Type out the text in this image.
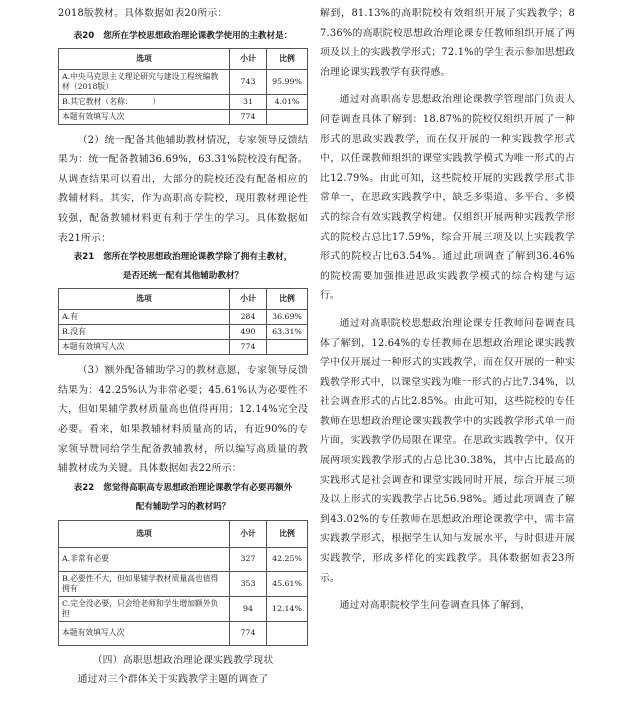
2018版教材。具体数据如表20所示：

表20 您所在学校思想政治理论课教学使用的主教材是：

选项	小计	比例
A.中央马克思主义理论研究与建设工程统编教材（2018版）	743	95.99%
B.其它教材（名称：        ）	31	4.01%
本题有效填写人次	774	

（2）统一配备其他辅助教材情况，专家领导反馈结果为：统一配备教辅36.69%，63.31%院校没有配备。从调查结果可以看出，大部分的院校还没有配备相应的教辅材料。其实，作为高职高专院校，现用教材理论性较强，配备教辅材料更有利于学生的学习。具体数据如表21所示：

表21 您所在学校思想政治理论课教学除了拥有主教材，

是否还统一配有其他辅助教材？

选项	小计	比例
A.有	284	36.69%
B.没有	490	63.31%
本题有效填写人次	774	

（3）额外配备辅助学习的教材意愿，专家领导反馈结果为：42.25%认为非常必要；45.61%认为必要性不大，但如果辅学教材质量高也值得再用；12.14%完全没必要。看来，如果教辅材料质量高的话，有近90%的专家领导赞同给学生配备教辅教材，所以编写高质量的教辅教材成为关键。具体数据如表22所示：

表22 您觉得高职高专思想政治理论课教学有必要再额外

配有辅助学习的教材吗？

选项	小计	比例
A.非常有必要	327	42.25%
B.必要性不大，但如果辅学教材质量高也值得拥有	353	45.61%
C.完全没必要，只会给老师和学生增加额外负担	94	12.14%
本题有效填写人次	774	

（四）高职思想政治理论课实践教学现状

通过对三个群体关于实践教学主题的调查了

解到，81.13%的高职院校有效组织开展了实践教学；87.36%的高职院校思想政治理论课专任教师组织开展了两项及以上的实践教学形式；72.1%的学生表示参加思想政治理论课实践教学有获得感。

通过对高职高专思想政治理论课教学管理部门负责人问卷调查具体了解到：18.87%的院校仅组织开展了一种形式的思政实践教学，而在仅开展的一种实践教学形式中，以任课教师组织的课堂实践教学模式为唯一形式的占比12.79%。由此可知，这些院校开展的实践教学形式非常单一，在思政实践教学中，缺乏多渠道、多平台、多模式的综合有效实践教学构建。仅组织开展两种实践教学形式的院校占总比17.59%，综合开展三项及以上实践教学形式的院校占比63.54%。通过此项调查了解到36.46%的院校需要加强推进思政实践教学模式的综合构建与运行。

通过对高职院校思想政治理论课专任教师问卷调查具体了解到，12.64%的专任教师在思想政治理论课实践教学中仅开展过一种形式的实践教学，而在仅开展的一种实践教学形式中，以课堂实践为唯一形式的占比7.34%，以社会调查形式的占比2.85%。由此可知，这些院校的专任教师在思想政治理论课实践教学中的实践教学形式单一而片面，实践教学仍局限在课堂。在思政实践教学中，仅开展两项实践教学形式的占总比30.38%，其中占比最高的实践形式是社会调查和课堂实践同时开展，综合开展三项及以上形式的实践教学占比56.98%。通过此项调查了解到43.02%的专任教师在思想政治理论课教学中，需丰富实践教学形式，根据学生认知与发展水平，与时俱进开展实践教学，形成多样化的实践教学。具体数据如表23所示。

通过对高职院校学生问卷调查具体了解到，
